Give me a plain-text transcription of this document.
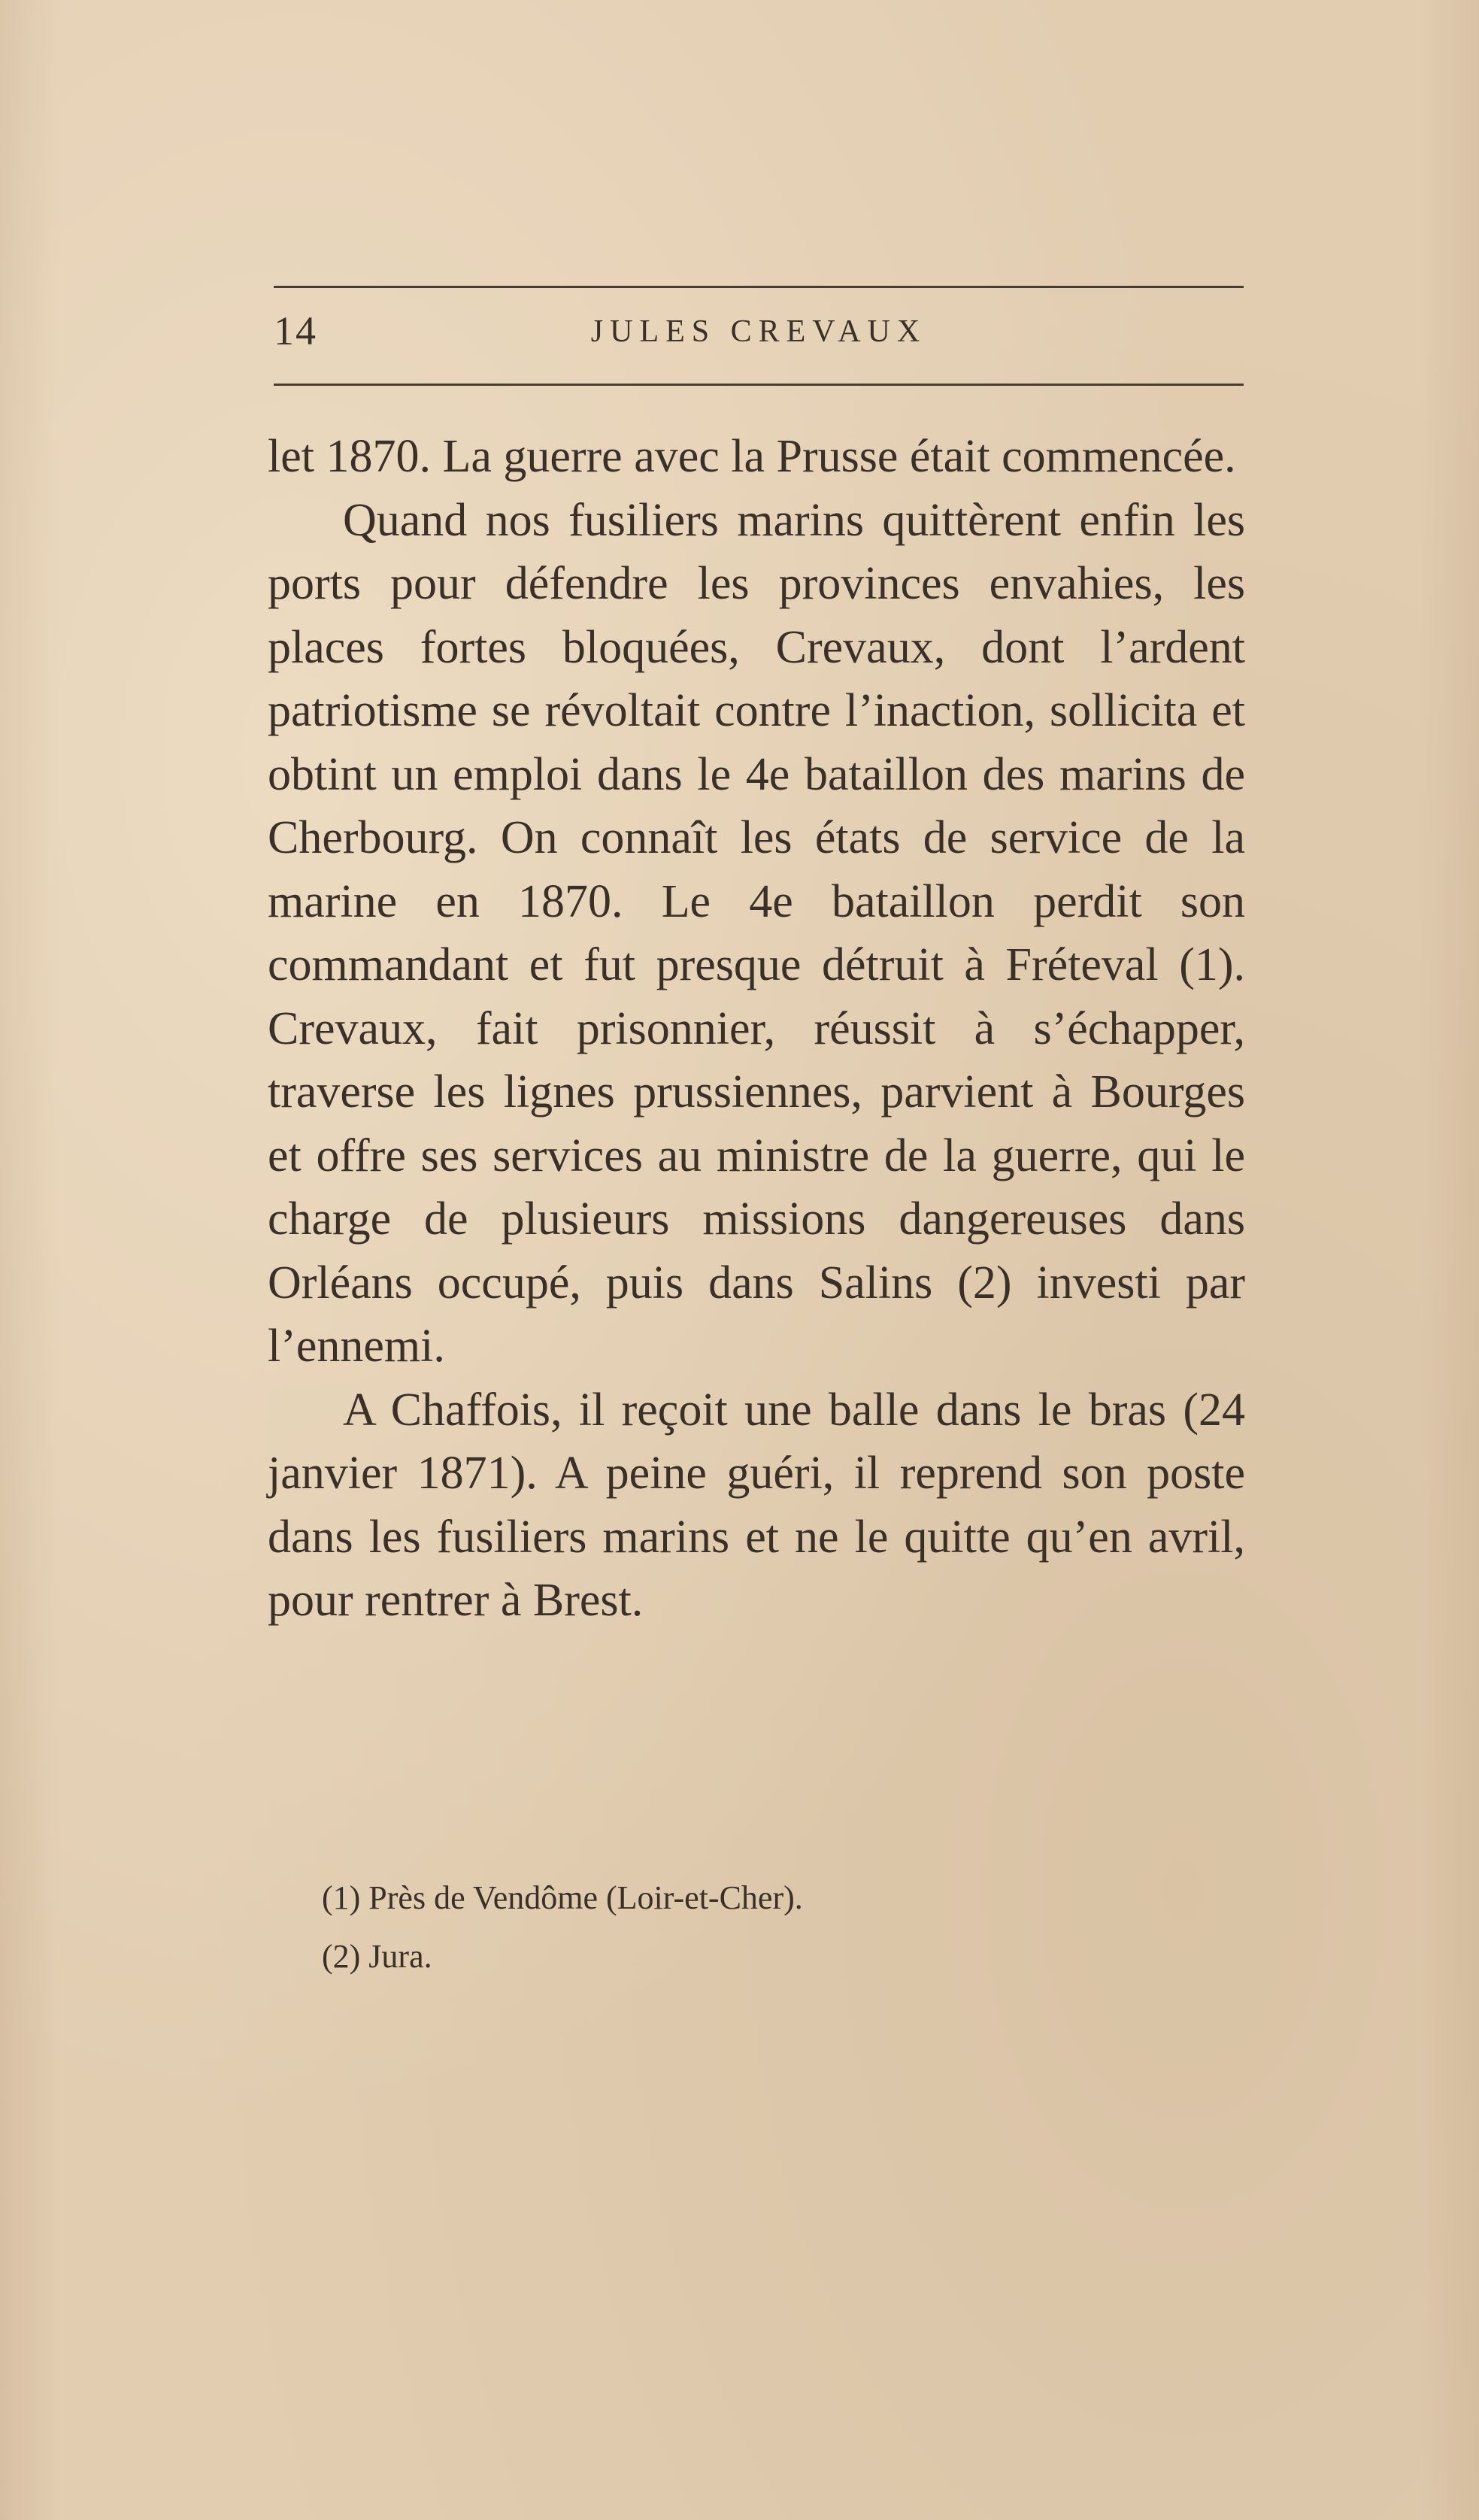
14	JULES CREVAUX

let 1870. La guerre avec la Prusse était commencée.

Quand nos fusiliers marins quittèrent enfin les ports pour défendre les provinces envahies, les places fortes bloquées, Crevaux, dont l’ardent patriotisme se révoltait contre l’inaction, sollicita et obtint un emploi dans le 4e bataillon des marins de Cherbourg. On connaît les états de service de la marine en 1870. Le 4e bataillon perdit son commandant et fut presque détruit à Fréteval (1). Crevaux, fait prisonnier, réussit à s’échapper, traverse les lignes prussiennes, parvient à Bourges et offre ses services au ministre de la guerre, qui le charge de plusieurs missions dangereuses dans Orléans occupé, puis dans Salins (2) investi par l’ennemi.

A Chaffois, il reçoit une balle dans le bras (24 janvier 1871). A peine guéri, il reprend son poste dans les fusiliers marins et ne le quitte qu’en avril, pour rentrer à Brest.

(1) Près de Vendôme (Loir-et-Cher).
(2) Jura.
